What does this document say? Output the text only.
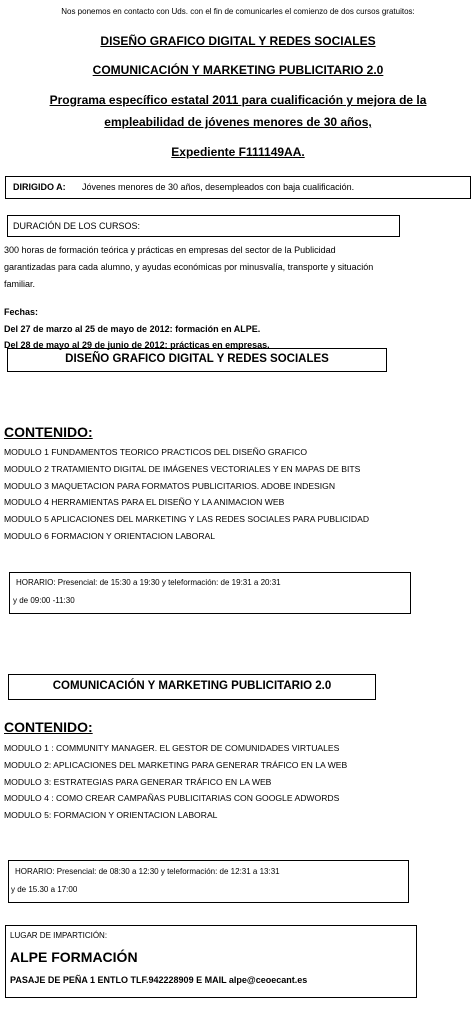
Nos ponemos en contacto con Uds. con el fin de comunicarles el comienzo de dos cursos gratuitos:
DISEÑO GRAFICO DIGITAL Y REDES SOCIALES
COMUNICACIÓN Y MARKETING PUBLICITARIO 2.0
Programa específico estatal 2011 para cualificación y mejora de la
empleabilidad de jóvenes menores de 30 años,
Expediente F111149AA.
DIRIGIDO A: Jóvenes menores de 30 años, desempleados con baja cualificación.
DURACIÓN DE LOS CURSOS:
300 horas de formación teórica y prácticas en empresas del sector de la Publicidad
garantizadas para cada alumno, y ayudas económicas por minusvalía, transporte y situación
familiar.
Fechas:
Del 27 de marzo al 25 de mayo de 2012: formación en ALPE.
Del 28 de mayo al 29 de junio de 2012: prácticas en empresas.
DISEÑO GRAFICO DIGITAL Y REDES SOCIALES
CONTENIDO:
MODULO 1 FUNDAMENTOS TEORICO PRACTICOS DEL DISEÑO GRAFICO
MODULO 2 TRATAMIENTO DIGITAL DE IMÁGENES VECTORIALES Y EN MAPAS DE BITS
MODULO 3 MAQUETACION PARA FORMATOS PUBLICITARIOS. ADOBE INDESIGN
MODULO 4 HERRAMIENTAS PARA EL DISEÑO Y LA ANIMACION WEB
MODULO 5 APLICACIONES DEL MARKETING Y LAS REDES SOCIALES PARA PUBLICIDAD
MODULO 6 FORMACION Y ORIENTACION LABORAL
HORARIO: Presencial: de 15:30 a 19:30 y teleformación: de 19:31 a 20:31
y de 09:00 -11:30
COMUNICACIÓN Y MARKETING PUBLICITARIO 2.0
CONTENIDO:
MODULO 1 : COMMUNITY MANAGER. EL GESTOR DE COMUNIDADES VIRTUALES
MODULO 2: APLICACIONES DEL MARKETING PARA GENERAR TRÁFICO EN LA WEB
MODULO 3: ESTRATEGIAS PARA GENERAR TRÁFICO EN LA WEB
MODULO 4 : COMO CREAR CAMPAÑAS PUBLICITARIAS CON GOOGLE ADWORDS
MODULO 5: FORMACION Y ORIENTACION LABORAL
HORARIO: Presencial: de 08:30 a 12:30 y teleformación: de 12:31 a 13:31
y de 15.30 a 17:00
LUGAR DE IMPARTICIÓN:
ALPE FORMACIÓN
PASAJE DE PEÑA 1 ENTLO TLF.942228909 E MAIL alpe@ceoecant.es
